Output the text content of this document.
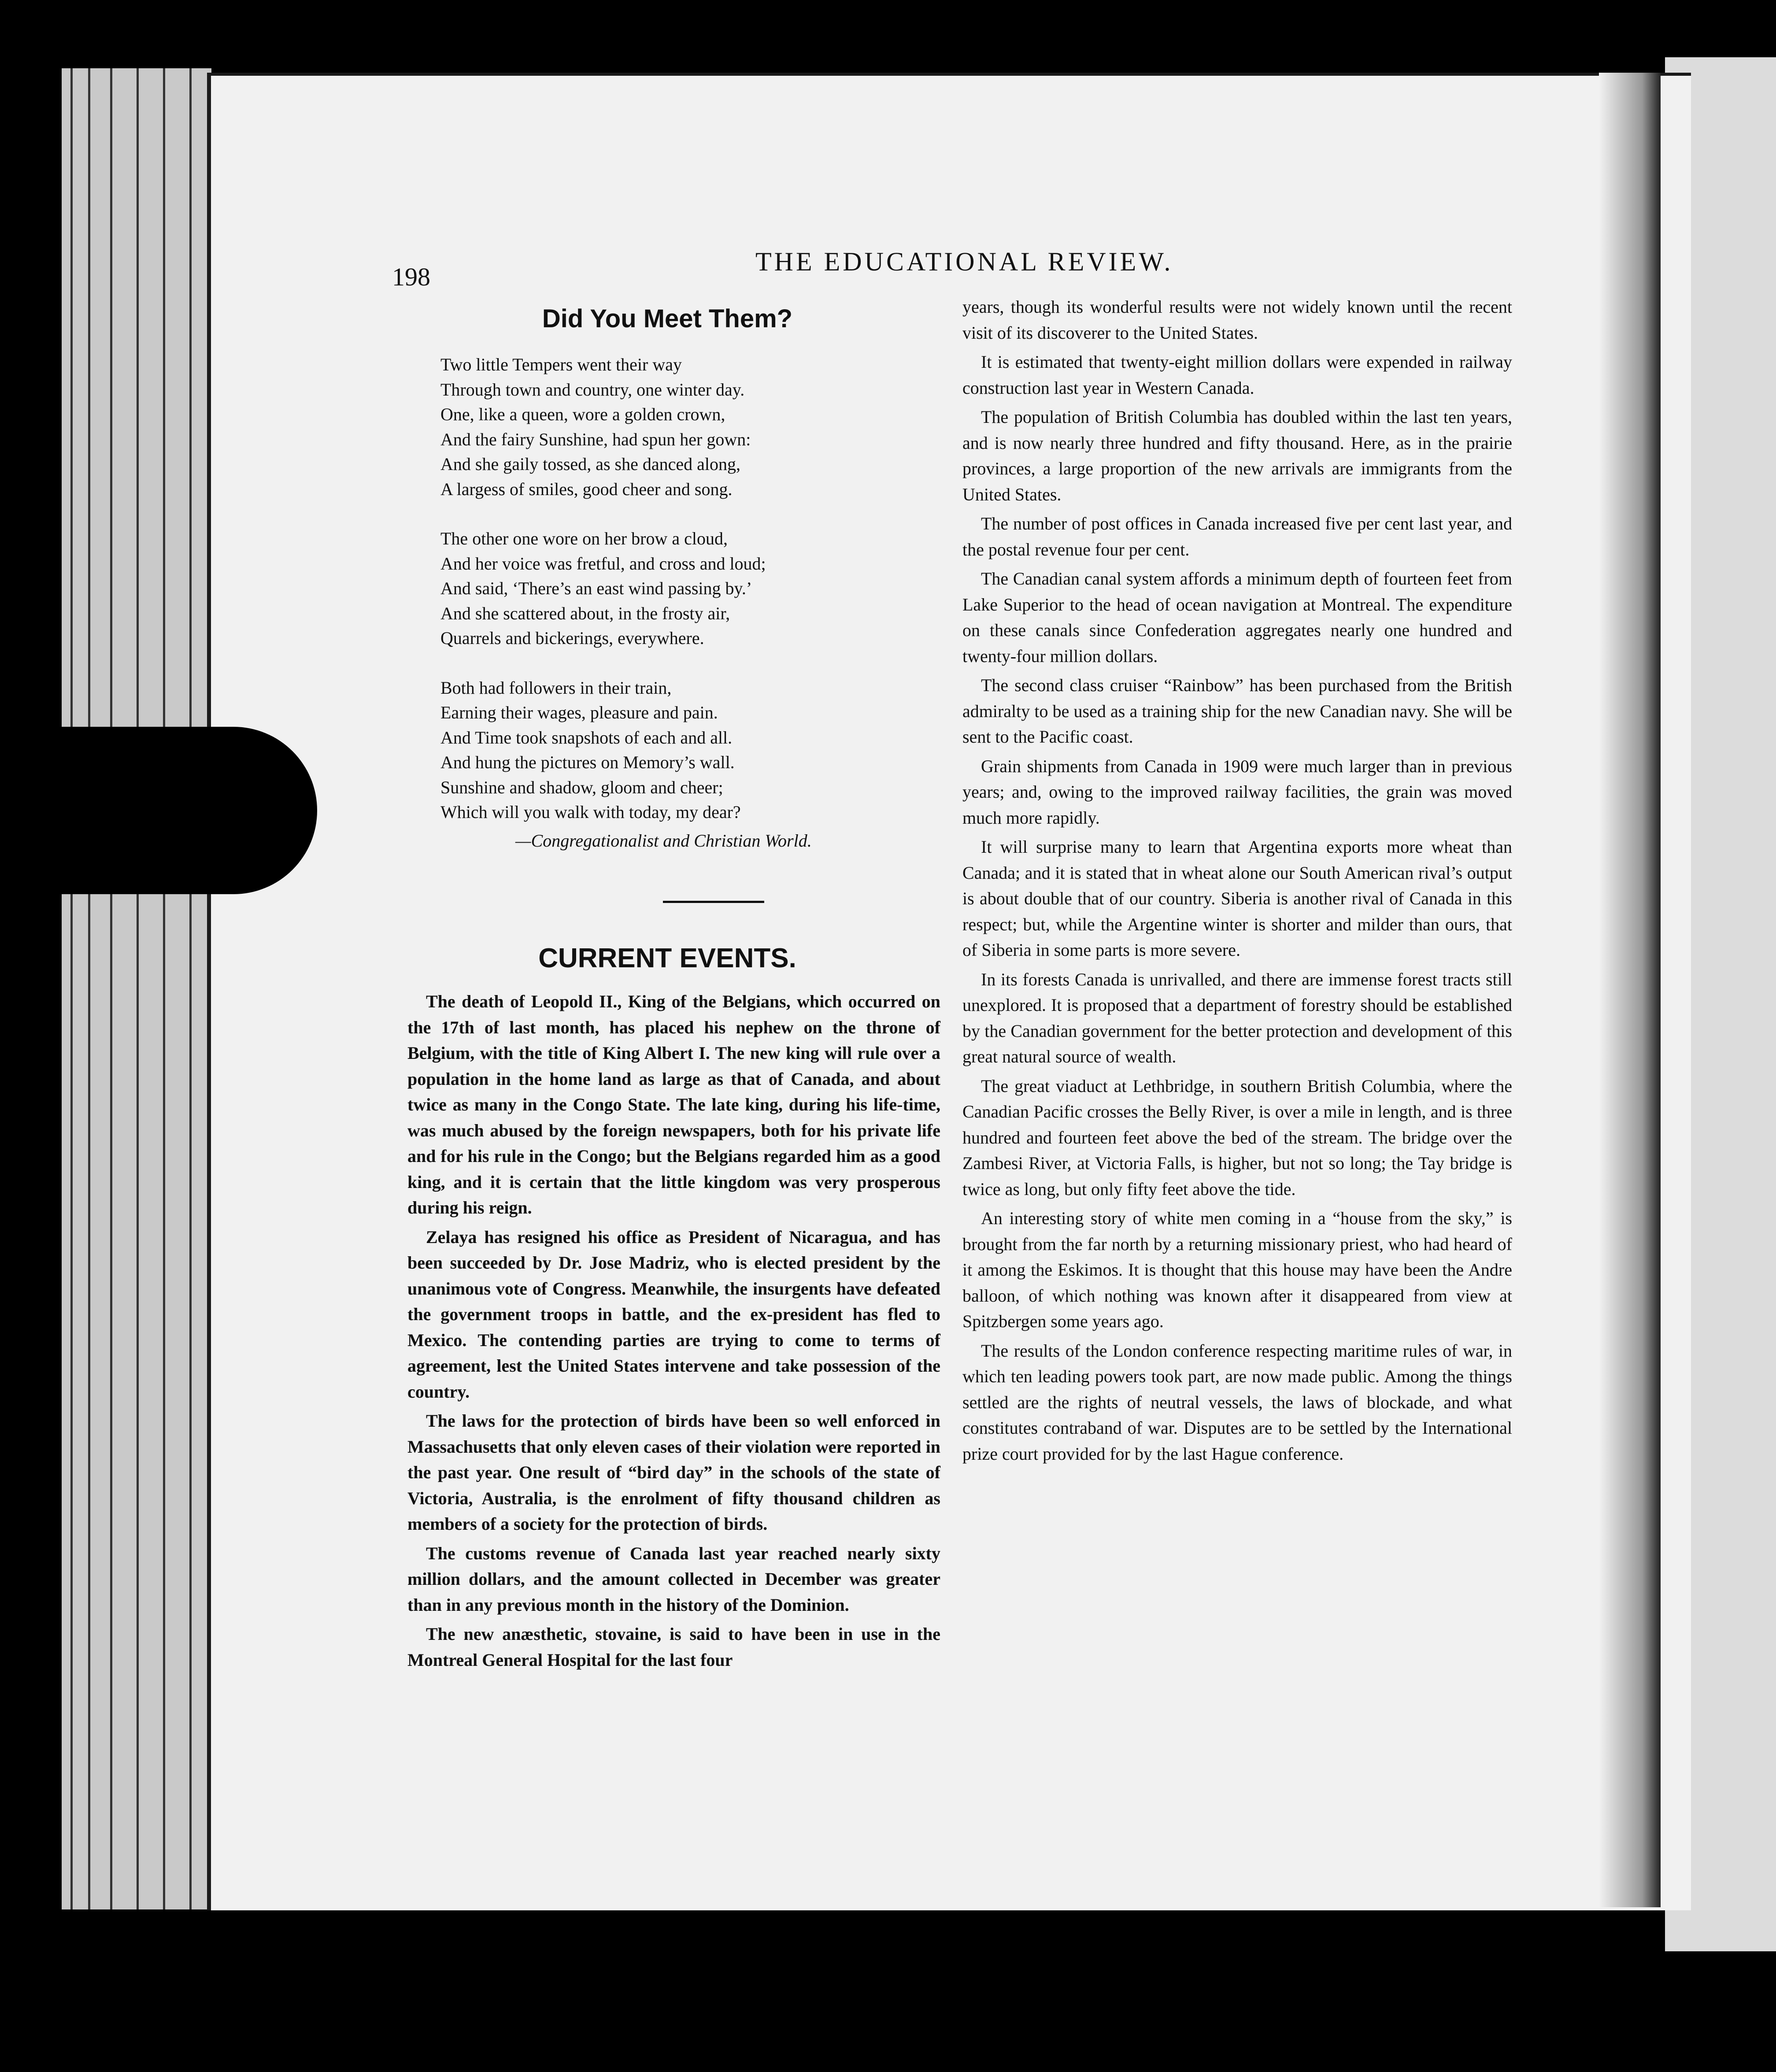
198
THE EDUCATIONAL REVIEW.
Did You Meet Them?
Two little Tempers went their way
Through town and country, one winter day.
One, like a queen, wore a golden crown,
And the fairy Sunshine, had spun her gown:
And she gaily tossed, as she danced along,
A largess of smiles, good cheer and song.
The other one wore on her brow a cloud,
And her voice was fretful, and cross and loud;
And said, ‘There’s an east wind passing by.’
And she scattered about, in the frosty air,
Quarrels and bickerings, everywhere.
Both had followers in their train,
Earning their wages, pleasure and pain.
And Time took snapshots of each and all.
And hung the pictures on Memory’s wall.
Sunshine and shadow, gloom and cheer;
Which will you walk with today, my dear?
—Congregationalist and Christian World.
CURRENT EVENTS.

The death of Leopold II., King of the Belgians, which occurred on the 17th of last month, has placed his nephew on the throne of Belgium, with the title of King Albert I. The new king will rule over a population in the home land as large as that of Canada, and about twice as many in the Congo State. The late king, during his life-time, was much abused by the foreign newspapers, both for his private life and for his rule in the Congo; but the Belgians regarded him as a good king, and it is certain that the little kingdom was very prosperous during his reign.

Zelaya has resigned his office as President of Nicaragua, and has been succeeded by Dr. Jose Madriz, who is elected president by the unanimous vote of Congress. Meanwhile, the insurgents have defeated the government troops in battle, and the ex-president has fled to Mexico. The contending parties are trying to come to terms of agreement, lest the United States intervene and take possession of the country.

The laws for the protection of birds have been so well enforced in Massachusetts that only eleven cases of their violation were reported in the past year. One result of “bird day” in the schools of the state of Victoria, Australia, is the enrolment of fifty thousand children as members of a society for the protection of birds.

The customs revenue of Canada last year reached nearly sixty million dollars, and the amount collected in December was greater than in any previous month in the history of the Dominion.

The new anæsthetic, stovaine, is said to have been in use in the Montreal General Hospital for the last four

years, though its wonderful results were not widely known until the recent visit of its discoverer to the United States.

It is estimated that twenty-eight million dollars were expended in railway construction last year in Western Canada.

The population of British Columbia has doubled within the last ten years, and is now nearly three hundred and fifty thousand. Here, as in the prairie provinces, a large proportion of the new arrivals are immigrants from the United States.

The number of post offices in Canada increased five per cent last year, and the postal revenue four per cent.

The Canadian canal system affords a minimum depth of fourteen feet from Lake Superior to the head of ocean navigation at Montreal. The expenditure on these canals since Confederation aggregates nearly one hundred and twenty-four million dollars.

The second class cruiser “Rainbow” has been purchased from the British admiralty to be used as a training ship for the new Canadian navy. She will be sent to the Pacific coast.

Grain shipments from Canada in 1909 were much larger than in previous years; and, owing to the improved railway facilities, the grain was moved much more rapidly.

It will surprise many to learn that Argentina exports more wheat than Canada; and it is stated that in wheat alone our South American rival’s output is about double that of our country. Siberia is another rival of Canada in this respect; but, while the Argentine winter is shorter and milder than ours, that of Siberia in some parts is more severe.

In its forests Canada is unrivalled, and there are immense forest tracts still unexplored. It is proposed that a department of forestry should be established by the Canadian government for the better protection and development of this great natural source of wealth.

The great viaduct at Lethbridge, in southern British Columbia, where the Canadian Pacific crosses the Belly River, is over a mile in length, and is three hundred and fourteen feet above the bed of the stream. The bridge over the Zambesi River, at Victoria Falls, is higher, but not so long; the Tay bridge is twice as long, but only fifty feet above the tide.

An interesting story of white men coming in a “house from the sky,” is brought from the far north by a returning missionary priest, who had heard of it among the Eskimos. It is thought that this house may have been the Andre balloon, of which nothing was known after it disappeared from view at Spitzbergen some years ago.

The results of the London conference respecting maritime rules of war, in which ten leading powers took part, are now made public. Among the things settled are the rights of neutral vessels, the laws of blockade, and what constitutes contraband of war. Disputes are to be settled by the International prize court provided for by the last Hague conference.
